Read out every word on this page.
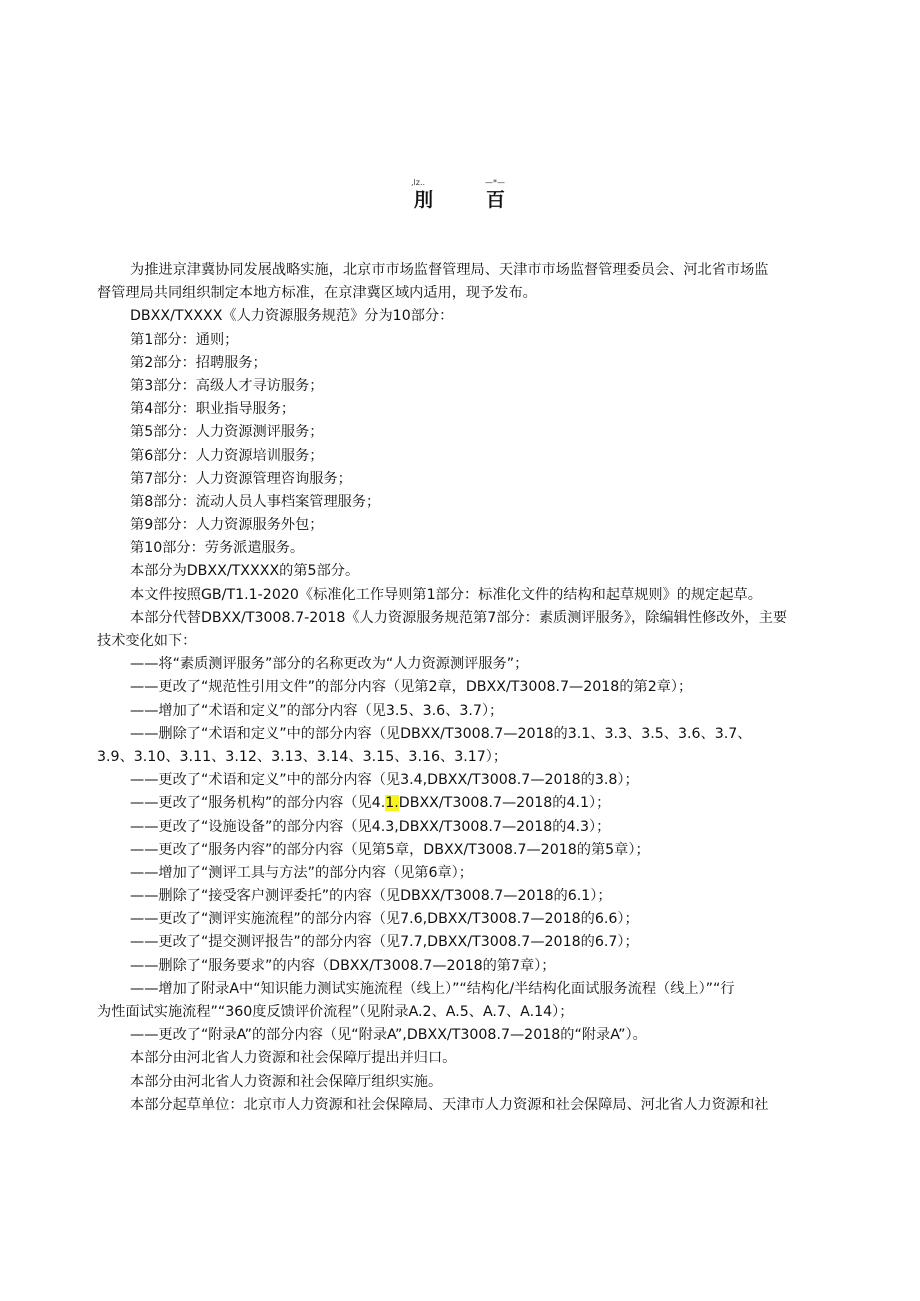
,lz..	—*—
刖	百
为推进京津冀协同发展战略实施，北京市市场监督管理局、天津市市场监督管理委员会、河北省市场监
督管理局共同组织制定本地方标准，在京津冀区域内适用，现予发布。
DBXX/TXXXX《人力资源服务规范》分为10部分：
第1部分：通则；
第2部分：招聘服务；
第3部分：高级人才寻访服务；
第4部分：职业指导服务；
第5部分：人力资源测评服务；
第6部分：人力资源培训服务；
第7部分：人力资源管理咨询服务；
第8部分：流动人员人事档案管理服务；
第9部分：人力资源服务外包；
第10部分：劳务派遣服务。
本部分为DBXX/TXXXX的第5部分。
本文件按照GB/T1.1-2020《标准化工作导则第1部分：标准化文件的结构和起草规则》的规定起草。
本部分代替DBXX/T3008.7-2018《人力资源服务规范第7部分：素质测评服务》，除编辑性修改外，主要
技术变化如下：
——将“素质测评服务”部分的名称更改为“人力资源测评服务”；
——更改了“规范性引用文件”的部分内容（见第2章，DBXX/T3008.7—2018的第2章）；
——增加了“术语和定义”的部分内容（见3.5、3.6、3.7）；
——删除了“术语和定义”中的部分内容（见DBXX/T3008.7—2018的3.1、3.3、3.5、3.6、3.7、
3.9、3.10、3.11、3.12、3.13、3.14、3.15、3.16、3.17）；
——更改了“术语和定义”中的部分内容（见3.4,DBXX/T3008.7—2018的3.8）；
——更改了“服务机构”的部分内容（见4.1.DBXX/T3008.7—2018的4.1）；
——更改了“设施设备”的部分内容（见4.3,DBXX/T3008.7—2018的4.3）；
——更改了“服务内容”的部分内容（见第5章，DBXX/T3008.7—2018的第5章）；
——增加了“测评工具与方法”的部分内容（见第6章）；
——删除了“接受客户测评委托”的内容（见DBXX/T3008.7—2018的6.1）；
——更改了“测评实施流程”的部分内容（见7.6,DBXX/T3008.7—2018的6.6）；
——更改了“提交测评报告”的部分内容（见7.7,DBXX/T3008.7—2018的6.7）；
——删除了“服务要求”的内容（DBXX/T3008.7—2018的第7章）；
——增加了附录A中“知识能力测试实施流程（线上）”“结构化/半结构化面试服务流程（线上）”“行
为性面试实施流程”“360度反馈评价流程”（见附录A.2、A.5、A.7、A.14）；
——更改了“附录A”的部分内容（见“附录A”,DBXX/T3008.7—2018的“附录A”）。
本部分由河北省人力资源和社会保障厅提出并归口。
本部分由河北省人力资源和社会保障厅组织实施。
本部分起草单位：北京市人力资源和社会保障局、天津市人力资源和社会保障局、河北省人力资源和社
